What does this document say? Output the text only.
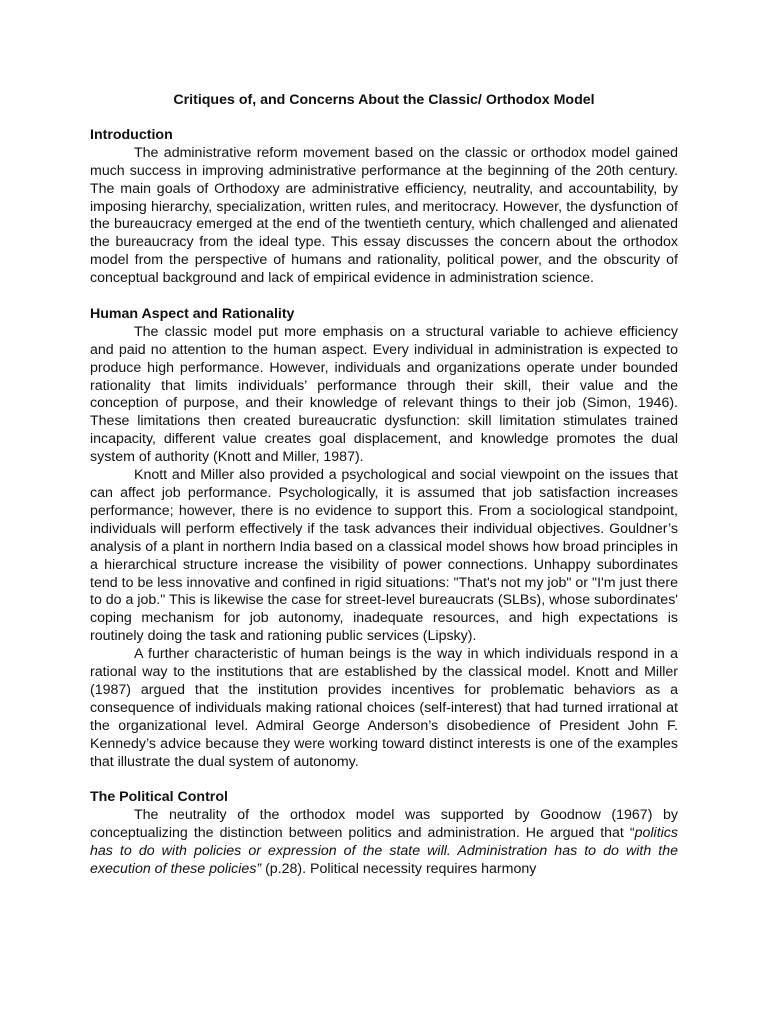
Critiques of, and Concerns About the Classic/ Orthodox Model

Introduction

The administrative reform movement based on the classic or orthodox model gained much success in improving administrative performance at the beginning of the 20th century. The main goals of Orthodoxy are administrative efficiency, neutrality, and accountability, by imposing hierarchy, specialization, written rules, and meritocracy. However, the dysfunction of the bureaucracy emerged at the end of the twentieth century, which challenged and alienated the bureaucracy from the ideal type. This essay discusses the concern about the orthodox model from the perspective of humans and rationality, political power, and the obscurity of conceptual background and lack of empirical evidence in administration science.

Human Aspect and Rationality

The classic model put more emphasis on a structural variable to achieve efficiency and paid no attention to the human aspect. Every individual in administration is expected to produce high performance. However, individuals and organizations operate under bounded rationality that limits individuals’ performance through their skill, their value and the conception of purpose, and their knowledge of relevant things to their job (Simon, 1946). These limitations then created bureaucratic dysfunction: skill limitation stimulates trained incapacity, different value creates goal displacement, and knowledge promotes the dual system of authority (Knott and Miller, 1987).

Knott and Miller also provided a psychological and social viewpoint on the issues that can affect job performance. Psychologically, it is assumed that job satisfaction increases performance; however, there is no evidence to support this. From a sociological standpoint, individuals will perform effectively if the task advances their individual objectives. Gouldner’s analysis of a plant in northern India based on a classical model shows how broad principles in a hierarchical structure increase the visibility of power connections. Unhappy subordinates tend to be less innovative and confined in rigid situations: "That's not my job" or "I'm just there to do a job." This is likewise the case for street-level bureaucrats (SLBs), whose subordinates' coping mechanism for job autonomy, inadequate resources, and high expectations is routinely doing the task and rationing public services (Lipsky).

A further characteristic of human beings is the way in which individuals respond in a rational way to the institutions that are established by the classical model. Knott and Miller (1987) argued that the institution provides incentives for problematic behaviors as a consequence of individuals making rational choices (self-interest) that had turned irrational at the organizational level. Admiral George Anderson’s disobedience of President John F. Kennedy’s advice because they were working toward distinct interests is one of the examples that illustrate the dual system of autonomy.

The Political Control

The neutrality of the orthodox model was supported by Goodnow (1967) by conceptualizing the distinction between politics and administration. He argued that “politics has to do with policies or expression of the state will. Administration has to do with the execution of these policies” (p.28). Political necessity requires harmony
